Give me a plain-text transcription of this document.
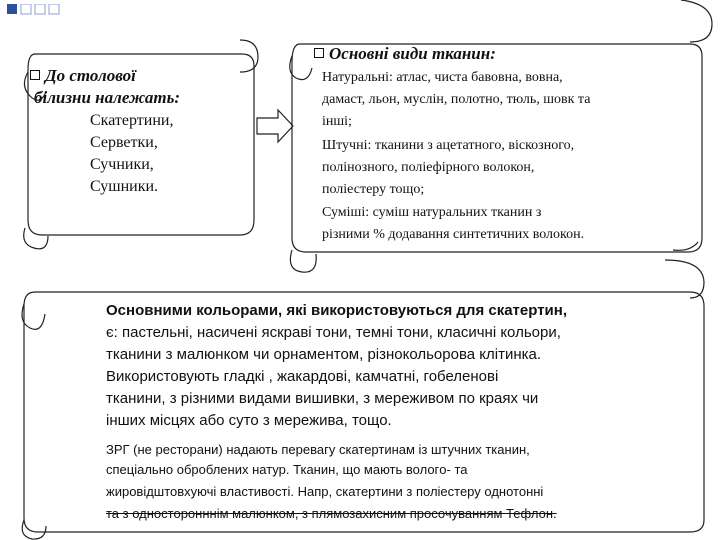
До столової
білизни належать:
Скатертини,
Серветки,
Сучники,
Сушники.
Основні види тканин:
Натуральні: атлас, чиста бавовна, вовна,
дамаст, льон, муслін, полотно, тюль, шовк та
інші;
Штучні: тканини з ацетатного, віскозного,
полінозного, поліефірного волокон,
поліестеру тощо;
Суміші: суміш натуральних тканин з
різними % додавання синтетичних волокон.
Основними кольорами, які використовуються для скатертин,
є: пастельні, насичені яскраві тони, темні тони, класичні кольори,
тканини з малюнком чи орнаментом, різнокольорова клітинка.
Використовують гладкі , жакардові, камчатні, гобеленові
тканини, з різними видами вишивки, з мереживом по краях чи
інших місцях або суто з мережива, тощо.
ЗРГ (не ресторани) надають перевагу скатертинам із штучних тканин,
спеціально оброблених натур. Тканин, що мають вологo- та
жировідштовхуючі властивості. Напр, скатертини з поліестеру однотонні
та з односторонннім малюнком, з плямозахисним просочуванням Тефлон.
